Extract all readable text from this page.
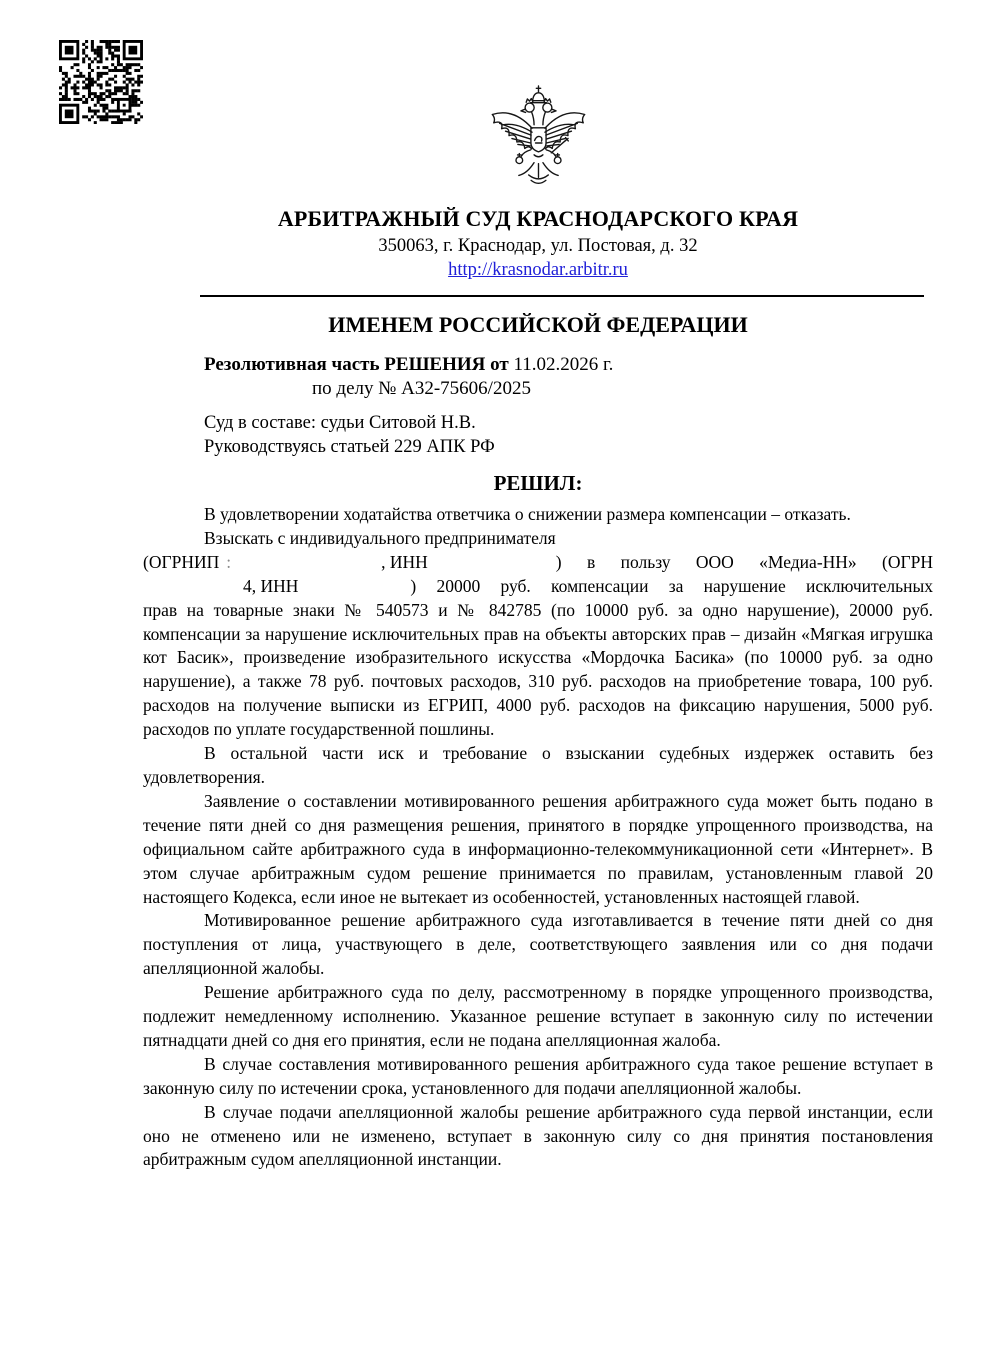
АРБИТРАЖНЫЙ СУД КРАСНОДАРСКОГО КРАЯ
350063, г. Краснодар, ул. Постовая, д. 32
http://krasnodar.arbitr.ru
ИМЕНЕМ РОССИЙСКОЙ ФЕДЕРАЦИИ
Резолютивная часть РЕШЕНИЯ от 11.02.2026 г.
по делу № А32-75606/2025
Суд в составе: судьи Ситовой Н.В.
Руководствуясь статьей 229 АПК РФ
РЕШИЛ:

В удовлетворении ходатайства ответчика о снижении размера компенсации – отказать.

Взыскать с индивидуального предпринимателя

(ОГРНИП :	, ИНН	) в пользу ООО «Медиа-НН» (ОГРН
4, ИНН	) 20000 руб. компенсации за нарушение исключительных

прав на товарные знаки № 540573 и № 842785 (по 10000 руб. за одно нарушение), 20000 руб. компенсации за нарушение исключительных прав на объекты авторских прав – дизайн «Мягкая игрушка кот Басик», произведение изобразительного искусства «Мордочка Басика» (по 10000 руб. за одно нарушение), а также 78 руб. почтовых расходов, 310 руб. расходов на приобретение товара, 100 руб. расходов на получение выписки из ЕГРИП, 4000 руб. расходов на фиксацию нарушения, 5000 руб. расходов по уплате государственной пошлины.

В остальной части иск и требование о взыскании судебных издержек оставить без удовлетворения.

Заявление о составлении мотивированного решения арбитражного суда может быть подано в течение пяти дней со дня размещения решения, принятого в порядке упрощенного производства, на официальном сайте арбитражного суда в информационно-телекоммуникационной сети «Интернет». В этом случае арбитражным судом решение принимается по правилам, установленным главой 20 настоящего Кодекса, если иное не вытекает из особенностей, установленных настоящей главой.

Мотивированное решение арбитражного суда изготавливается в течение пяти дней со дня поступления от лица, участвующего в деле, соответствующего заявления или со дня подачи апелляционной жалобы.

Решение арбитражного суда по делу, рассмотренному в порядке упрощенного производства, подлежит немедленному исполнению. Указанное решение вступает в законную силу по истечении пятнадцати дней со дня его принятия, если не подана апелляционная жалоба.

В случае составления мотивированного решения арбитражного суда такое решение вступает в законную силу по истечении срока, установленного для подачи апелляционной жалобы.

В случае подачи апелляционной жалобы решение арбитражного суда первой инстанции, если оно не отменено или не изменено, вступает в законную силу со дня принятия постановления арбитражным судом апелляционной инстанции.
